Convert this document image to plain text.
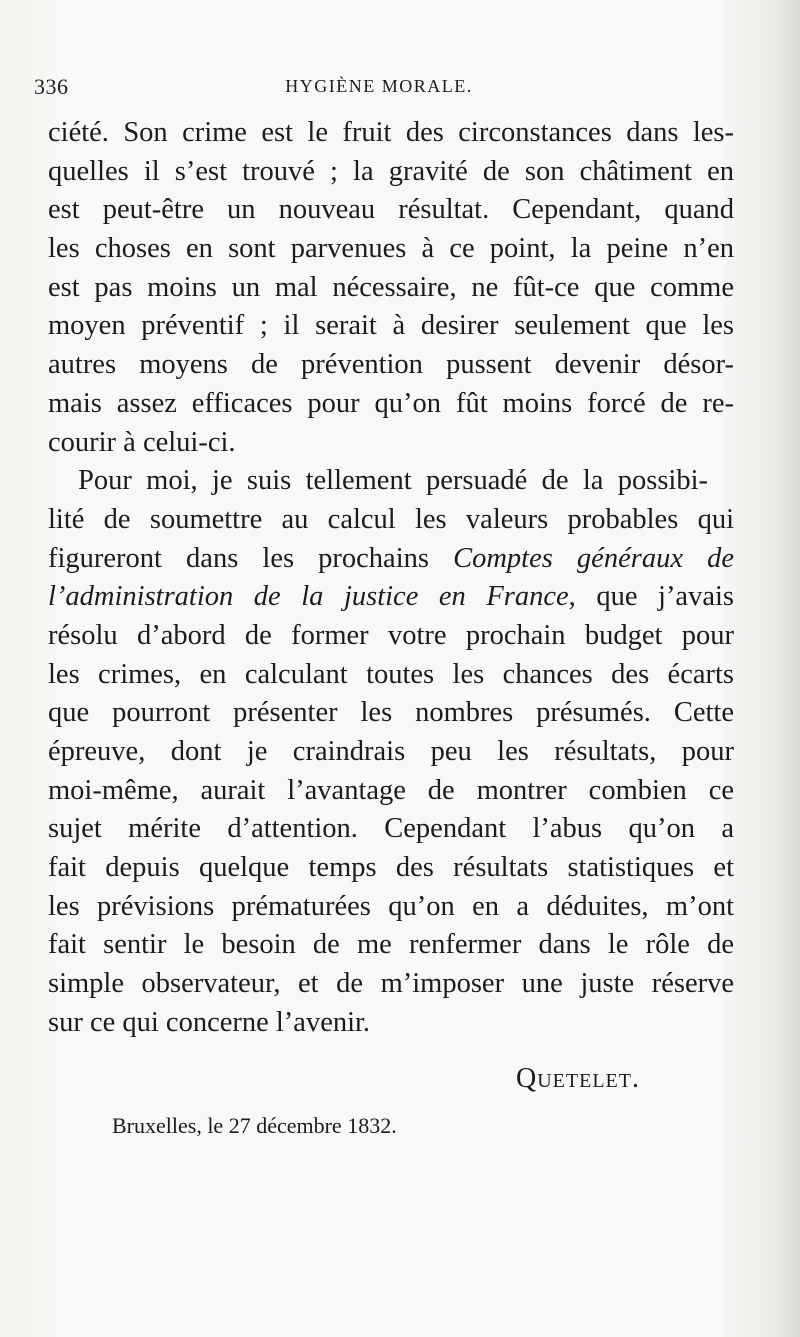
336	HYGIÈNE MORALE.
ciété. Son crime est le fruit des circonstances dans les-
quelles il s’est trouvé ; la gravité de son châtiment en
est peut-être un nouveau résultat. Cependant, quand
les choses en sont parvenues à ce point, la peine n’en
est pas moins un mal nécessaire, ne fût-ce que comme
moyen préventif ; il serait à desirer seulement que les
autres moyens de prévention pussent devenir désor-
mais assez efficaces pour qu’on fût moins forcé de re-
courir à celui-ci.
Pour moi, je suis tellement persuadé de la possibi-
lité de soumettre au calcul les valeurs probables qui
figureront dans les prochains Comptes généraux de
l’administration de la justice en France, que j’avais
résolu d’abord de former votre prochain budget pour
les crimes, en calculant toutes les chances des écarts
que pourront présenter les nombres présumés. Cette
épreuve, dont je craindrais peu les résultats, pour
moi-même, aurait l’avantage de montrer combien ce
sujet mérite d’attention. Cependant l’abus qu’on a
fait depuis quelque temps des résultats statistiques et
les prévisions prématurées qu’on en a déduites, m’ont
fait sentir le besoin de me renfermer dans le rôle de
simple observateur, et de m’imposer une juste réserve
sur ce qui concerne l’avenir.
Quetelet.
Bruxelles, le 27 décembre 1832.
